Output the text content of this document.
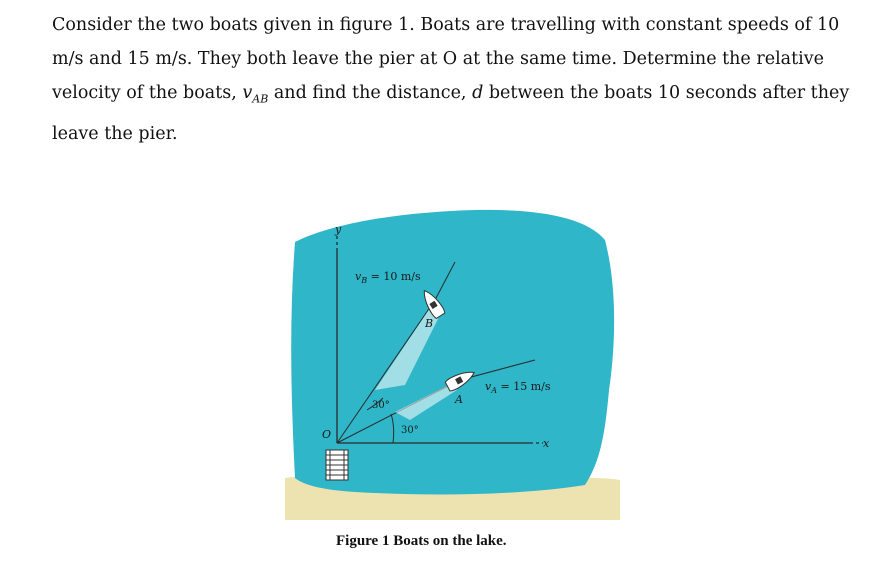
Consider the two boats given in figure 1. Boats are travelling with constant speeds of 10 m/s and 15 m/s. They both leave the pier at O at the same time. Determine the relative velocity of the boats, $v_{AB}$ and find the distance, d between the boats 10 seconds after they leave the pier.

y
x
O
B
A
$v_B = 10$ m/s
$v_A = 15$ m/s
30°
30°

Figure 1 Boats on the lake.
